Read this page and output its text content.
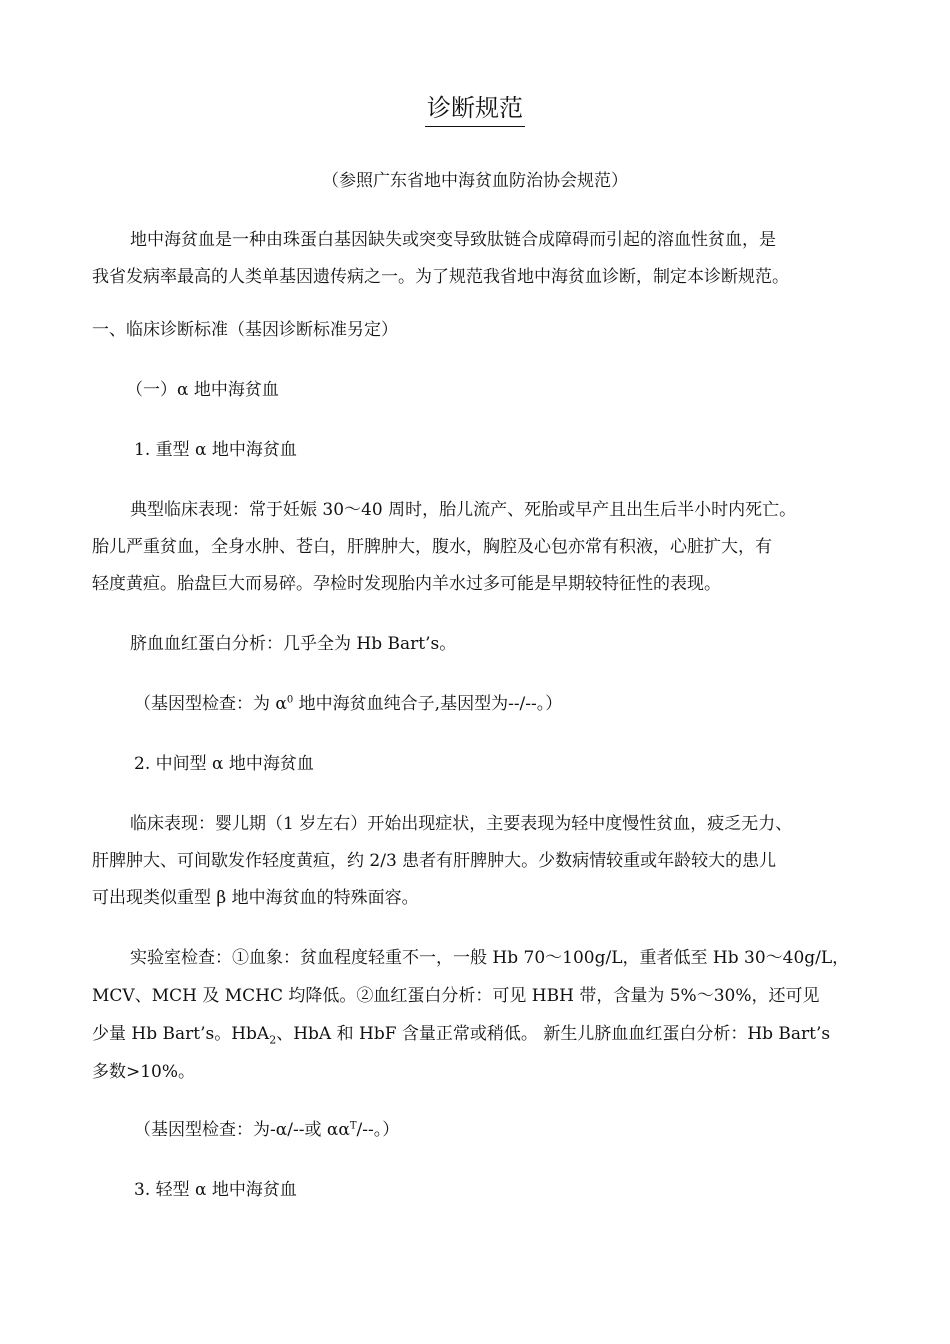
诊断规范
（参照广东省地中海贫血防治协会规范）
地中海贫血是一种由珠蛋白基因缺失或突变导致肽链合成障碍而引起的溶血性贫血，是
我省发病率最高的人类单基因遗传病之一。为了规范我省地中海贫血诊断，制定本诊断规范。
一、临床诊断标准（基因诊断标准另定）
（一）α 地中海贫血
1. 重型 α 地中海贫血
典型临床表现：常于妊娠 30～40 周时，胎儿流产、死胎或早产且出生后半小时内死亡。
胎儿严重贫血，全身水肿、苍白，肝脾肿大，腹水，胸腔及心包亦常有积液，心脏扩大，有
轻度黄疸。胎盘巨大而易碎。孕检时发现胎内羊水过多可能是早期较特征性的表现。
脐血血红蛋白分析：几乎全为 Hb Bart’s。
（基因型检查：为 $\alpha^0$ 地中海贫血纯合子,基因型为--/--。）
2. 中间型 α 地中海贫血
临床表现：婴儿期（1 岁左右）开始出现症状，主要表现为轻中度慢性贫血，疲乏无力、
肝脾肿大、可间歇发作轻度黄疸，约 2/3 患者有肝脾肿大。少数病情较重或年龄较大的患儿
可出现类似重型 β 地中海贫血的特殊面容。
实验室检查：①血象：贫血程度轻重不一，一般 Hb 70～100g/L，重者低至 Hb 30～40g/L，
MCV、MCH 及 MCHC 均降低。②血红蛋白分析：可见 HBH 带，含量为 5%～30%，还可见
少量 Hb Bart’s。HbA$_2$、HbA 和 HbF 含量正常或稍低。 新生儿脐血血红蛋白分析：Hb Bart’s
多数>10%。
（基因型检查：为-α/--或 $\alpha\alpha^T/--$。）
3. 轻型 α 地中海贫血
